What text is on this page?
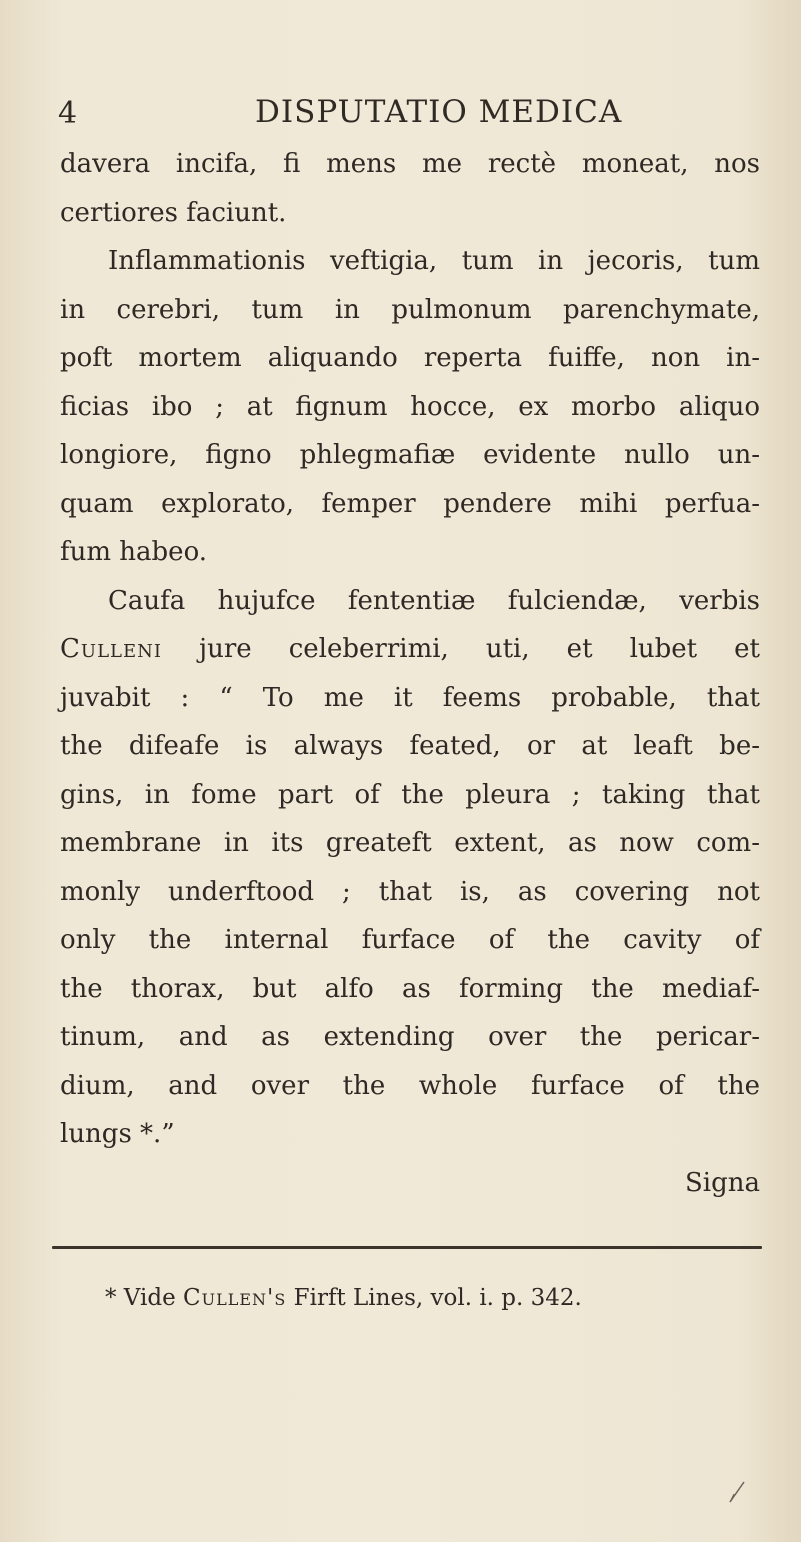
4	DISPUTATIO MEDICA
davera incifa, fi mens me rectè moneat, nos
certiores faciunt.
Inflammationis veftigia, tum in jecoris, tum
in cerebri, tum in pulmonum parenchymate,
poft mortem aliquando reperta fuiffe, non in-
ficias ibo ; at fignum hocce, ex morbo aliquo
longiore, figno phlegmafiæ evidente nullo un-
quam explorato, femper pendere mihi perfua-
fum habeo.
Caufa hujufce fententiæ fulciendæ, verbis
Culleni jure celeberrimi, uti, et lubet et
juvabit : “ To me it feems probable, that
the difeafe is always feated, or at leaft be-
gins, in fome part of the pleura ; taking that
membrane in its greateft extent, as now com-
monly underftood ; that is, as covering not
only the internal furface of the cavity of
the thorax, but alfo as forming the mediaf-
tinum, and as extending over the pericar-
dium, and over the whole furface of the
lungs *.”
Signa
* Vide Cullen's Firft Lines, vol. i. p. 342.
